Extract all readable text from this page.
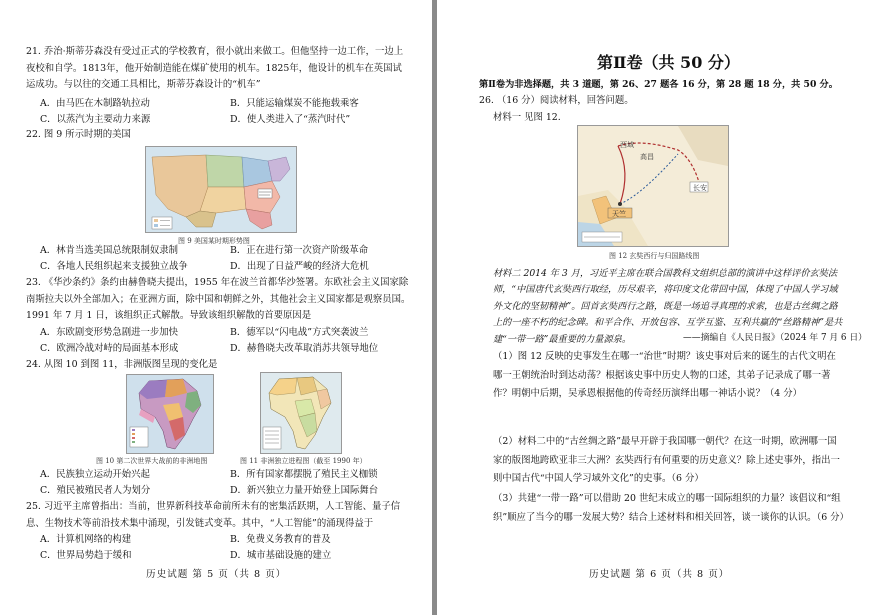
21. 乔治·斯蒂芬森没有受过正式的学校教育，很小就出来做工。但他坚持一边工作，一边上夜校和自学。1813年，他开始制造能在煤矿使用的机车。1825年，他设计的机车在英国试运成功。与以往的交通工具相比，斯蒂芬森设计的“机车”
A．由马匹在木制路轨拉动	B．只能运输煤炭不能拖载乘客
C．以蒸汽为主要动力来源	D．使人类进入了“蒸汽时代”
22. 图 9 所示时期的美国
图 9 美国某时期形势图
A．林肯当选美国总统限制奴隶制	B．正在进行第一次资产阶级革命
C．各地人民组织起来支援独立战争	D．出现了日益严峻的经济大危机
23. 《华沙条约》条约由赫鲁晓夫提出，1955 年在波兰首都华沙签署。东欧社会主义国家除南斯拉夫以外全部加入；在亚洲方面，除中国和朝鲜之外，其他社会主义国家都是观察员国。1991 年 7 月 1 日，该组织正式解散。导致该组织解散的首要原因是
A．东欧剧变形势急剧进一步加快	B．德军以“闪电战”方式突袭波兰
C．欧洲冷战对峙的局面基本形成	D．赫鲁晓夫改革取消苏共领导地位
24. 从图 10 到图 11，非洲版图呈现的变化是
图 10 第二次世界大战前的非洲地图	图 11 非洲独立进程图（截至 1990 年）
A．民族独立运动开始兴起	B．所有国家都摆脱了殖民主义枷锁
C．殖民被殖民者人为划分	D．新兴独立力量开始登上国际舞台
25. 习近平主席曾指出：当前，世界新科技革命前所未有的密集活跃期，人工智能、量子信息、生物技术等前沿技术集中涌现，引发链式变革。其中，“人工智能”的涌现得益于
A．计算机网络的构建	B．免费义务教育的普及
C．世界局势趋于缓和	D．城市基础设施的建立
历史试题 第 5 页（共 8 页）
第Ⅱ卷（共 50 分）
第Ⅱ卷为非选择题，共 3 道题，第 26、27 题各 16 分，第 28 题 18 分，共 50 分。
26. （16 分）阅读材料，回答问题。
材料一 见图 12.
西域
高昌
长安
天竺
图 12 玄奘西行与归国路线图
材料二 2014 年 3 月，习近平主席在联合国教科文组织总部的演讲中这样评价玄奘法师，“中国唐代玄奘西行取经，历尽艰辛，将印度文化带回中国，体现了中国人学习域外文化的坚韧精神”。回首玄奘西行之路，既是一场追寻真理的求索，也是古丝绸之路上的一座不朽的纪念碑。和平合作、开放包容、互学互鉴、互利共赢的“丝路精神”是共建“一带一路”最重要的力量源泉。	——摘编自《人民日报》（2024 年 7 月 6 日）
（1）图 12 反映的史事发生在哪一“治世”时期？该史事对后来的诞生的古代文明在哪一王朝统治时到达动荡？根据该史事中历史人物的口述，其弟子记录成了哪一著作？明朝中后期，吴承恩根据他的传奇经历演绎出哪一神话小说？（4 分）
（2）材料二中的“古丝绸之路”最早开辟于我国哪一朝代？在这一时期，欧洲哪一国家的版图地跨欧亚非三大洲？玄奘西行有何重要的历史意义？除上述史事外，指出一则中国古代“中国人学习域外文化”的史事。（6 分）
（3）共建“一带一路”可以借助 20 世纪末成立的哪一国际组织的力量？该倡议和“组织”顺应了当今的哪一发展大势？结合上述材料和相关回答，谈一谈你的认识。（6 分）
历史试题 第 6 页（共 8 页）
